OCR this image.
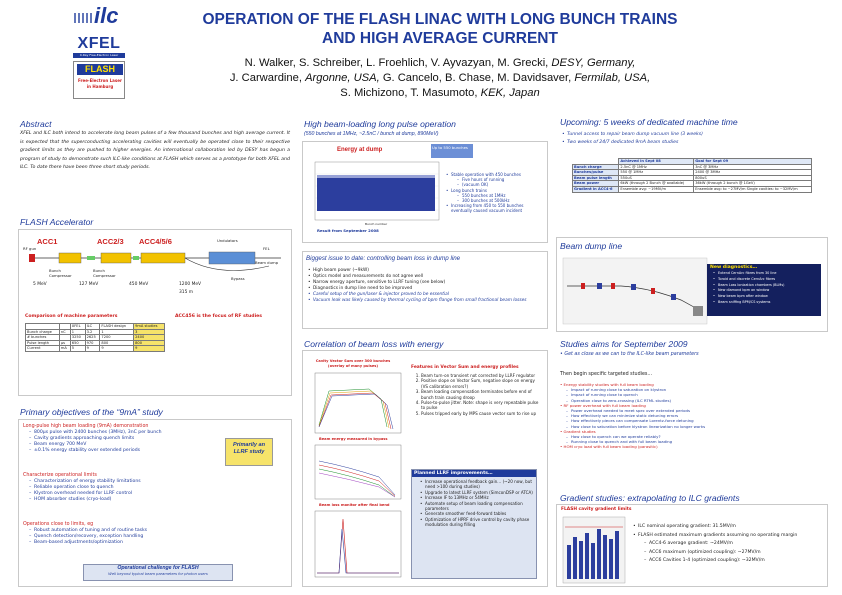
ilc
XFEL
X-Ray Free-Electron Laser
FLASH
Free-Electron Laser
in Hamburg
OPERATION OF THE FLASH LINAC WITH LONG BUNCH TRAINS
AND HIGH AVERAGE CURRENT
N. Walker, S. Schreiber, L. Froehlich, V. Ayvazyan, M. Grecki, DESY, Germany,
J. Carwardine, Argonne, USA, G. Cancelo, B. Chase, M. Davidsaver, Fermilab, USA,
S. Michizono, T. Masumoto, KEK, Japan
Abstract
XFEL and ILC both intend to accelerate long beam pulses of a few thousand bunches and high average current. It is expected that the superconducting accelerating cavities will eventually be operated close to their respective gradient limits as they are pushed to higher energies. An international collaboration led by DESY has begun a program of study to demonstrate such ILC-like conditions at FLASH which serves as a prototype for both XFEL and ILC. To date there have been three short study periods.
FLASH Accelerator
ACC1	ACC2/3 ACC4/5/6
RF gun
Bunch Compressor
Bunch Compressor
5 MeV	127 MeV	450 MeV	1200 MeV
Bypass
Undulators
FEL
Beam dump
315 m
Comparison of machine parameters	ACC456 is the focus of RF studies
		XFEL	ILC	FLASH design	9mA studies
Bunch charge	nC	1	3.2	1	3
# bunches		3250	2625	7200	2400
Pulse length	μs	650	970	800	800
Current	mA	5	9	9	9
Primary objectives of the “9mA” study
Long-pulse high beam loading (9mA) demonstration
– 800μs pulse with 2400 bunches (3MHz), 3nC per bunch
– Cavity gradients approaching quench limits
– Beam energy 700 MeV
– ±0.1% energy stability over extended periods
Primarily an LLRF study
Characterize operational limits
– Characterization of energy stability limitations
– Reliable operation close to quench
– Klystron overhead needed for LLRF control
– HOM absorber studies (cryo-load)
Operations close to limits, eg
– Robust automation of tuning and of routine tasks
– Quench detection/recovery, exception handling
– Beam-based adjustments/optimization
Operational challenge for FLASH
Well beyond typical beam parameters for photon users
High beam-loading long pulse operation
(550 bunches at 1MHz, ~2.5nC / bunch at dump, 890MeV)
Energy at dump
Bunch number
Result from September 2008
Up to 550 bunches
• Stable operation with 450 bunches
– Five hours of running
– (vacuum OK)
• Long bunch trains
– 550 bunches at 1MHz
– 300 bunches at 500kHz
• Increasing from 450 to 550 bunches eventually caused vacuum incident
Biggest issue to date: controlling beam loss in dump line
• High beam power (~9kW)
• Optics model and measurements do not agree well
• Narrow energy aperture, sensitive to LLRF tuning (see below)
• Diagnostics in dump line need to be improved
• Careful setup of the gun/laser & injector proved to be essential
• Vacuum leak was likely caused by thermal cycling of bpm flange from small fractional beam losses
Correlation of beam loss with energy
Cavity Vector Sum over 300 bunches (overlay of many pulses)
Beam energy measured in bypass
Beam loss monitor after final bend
Features in Vector Sum and energy profiles
1. Beam turn-on transient not corrected by LLRF regulator
2. Positive slope on Vector Sum, negative slope on energy (VS calibration errors?)
3. Beam loading compensation terminates before end of bunch train causing droop
4. Pulse-to-pulse jitter. Note: shape is very repeatable pulse to pulse
5. Pulses tripped early by MPS cause vector sum to rise up
Planned LLRF improvements…
• Increase operational feedback gain… (~20 now, but need >100 during studies)
• Upgrade to latest LLRF system (SimconDSP or ATCA)
• Increase IF to 13MHz or 54MHz
• Automate setup of beam loading compensation parameters
• Generate smoother feed-forward tables
• Optimization of HPRF drive control by cavity phase modulation during filling
Upcoming: 5 weeks of dedicated machine time
• Tunnel access to repair beam dump vacuum line (3 weeks)
• Two weeks of 24/7 dedicated 9mA beam studies
	Achieved in Sept 08	Goal for Sept 09
Bunch charge	2.5nC @ 1MHz	3nC @ 3MHz
Bunches/pulse	550 @ 1MHz	2400 @ 3MHz
Beam pulse length	550uS	800uS
Beam power	6kW (through 2 Bunch @ available)	36kW (through 2 bunch @ 1GeV)
Gradient in ACC4-6	Ensemble avg: ~19MV/m	Ensemble avg: to ~27MV/m Single cavities: to ~32MV/m
Beam dump line
New diagnostics…
• Extend CernArc fibres from 30 line
• Toroid and discrete CernArc fibres
• Beam Loss Ionization chambers (BLMs)
• New diamond bpm on window
• New beam bpm after window
• Beam sniffing BPM/CS systems
Studies aims for September 2009
• Get as close as we can to the ILC-like beam parameters
Then begin specific targeted studies…
• Energy stability studies with full beam loading
– Impact of running close to saturation on klystron
– Impact of running close to quench
– Operation close to zero-crossing (ILC RTML studies)
• RF power overhead with full beam loading
– Power overhead needed to meet spec over extended periods
– How effectively we can minimize static detuning errors
– How effectively pieces can compensate Lorentz-force detuning
– How close to saturation before klystron linearization no longer works
• Gradient studies
– How close to quench can we operate reliably?
– Running close to quench and with full beam loading
• HOM cryo load with full beam loading (parasitic)
Gradient studies: extrapolating to ILC gradients
FLASH cavity gradient limits
• ILC nominal operating gradient: 31.5MV/m
• FLASH estimated maximum gradients assuming no operating margin
– ACC4-6 average gradient: ~24MV/m
– ACC6 maximum (optimized coupling): ~27MV/m
– ACC6 Cavities 1-4 (optimized coupling): ~32MV/m
